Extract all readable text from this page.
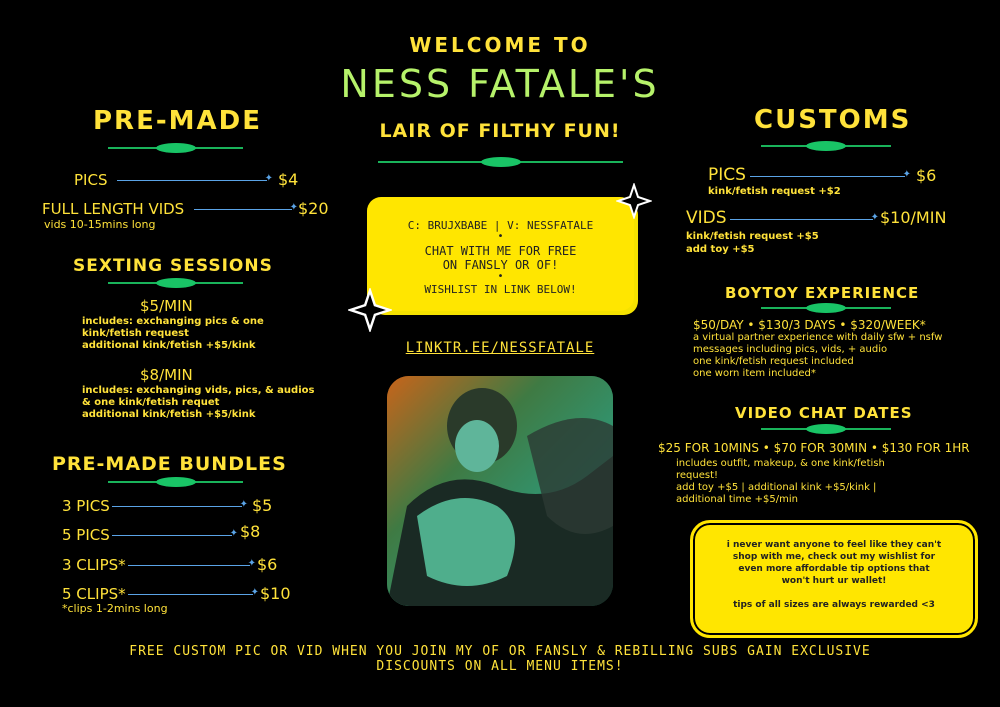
WELCOME TO
NESS FATALE'S
LAIR OF FILTHY FUN!
PRE-MADE
PICS ✦	$4
FULL LENGTH VIDS ✦	$20
vids 10-15mins long
SEXTING SESSIONS
$5/MIN
includes: exchanging pics & one
kink/fetish request
additional kink/fetish +$5/kink
$8/MIN
includes: exchanging vids, pics, & audios
& one kink/fetish requet
additional kink/fetish +$5/kink
PRE-MADE BUNDLES
3 PICS ✦	$5
5 PICS ✦	$8
3 CLIPS* ✦	$6
5 CLIPS* ✦	$10
*clips 1-2mins long
C: BRUJXBABE | V: NESSFATALE
•
CHAT WITH ME FOR FREE
ON FANSLY OR OF!
•
WISHLIST IN LINK BELOW!
LINKTR.EE/NESSFATALE
CUSTOMS
PICS ✦	$6
kink/fetish request +$2
VIDS ✦	$10/MIN
kink/fetish request +$5
add toy +$5
BOYTOY EXPERIENCE
$50/DAY • $130/3 DAYS • $320/WEEK*
a virtual partner experience with daily sfw + nsfw
messages including pics, vids, + audio
one kink/fetish request included
one worn item included*
VIDEO CHAT DATES
$25 FOR 10MINS • $70 FOR 30MIN • $130 FOR 1HR
includes outfit, makeup, & one kink/fetish
request!
add toy +$5 | additional kink +$5/kink |
additional time +$5/min
i never want anyone to feel like they can't
shop with me, check out my wishlist for
even more affordable tip options that
won't hurt ur wallet!
tips of all sizes are always rewarded <3
FREE CUSTOM PIC OR VID WHEN YOU JOIN MY OF OR FANSLY & REBILLING SUBS GAIN EXCLUSIVE
DISCOUNTS ON ALL MENU ITEMS!
